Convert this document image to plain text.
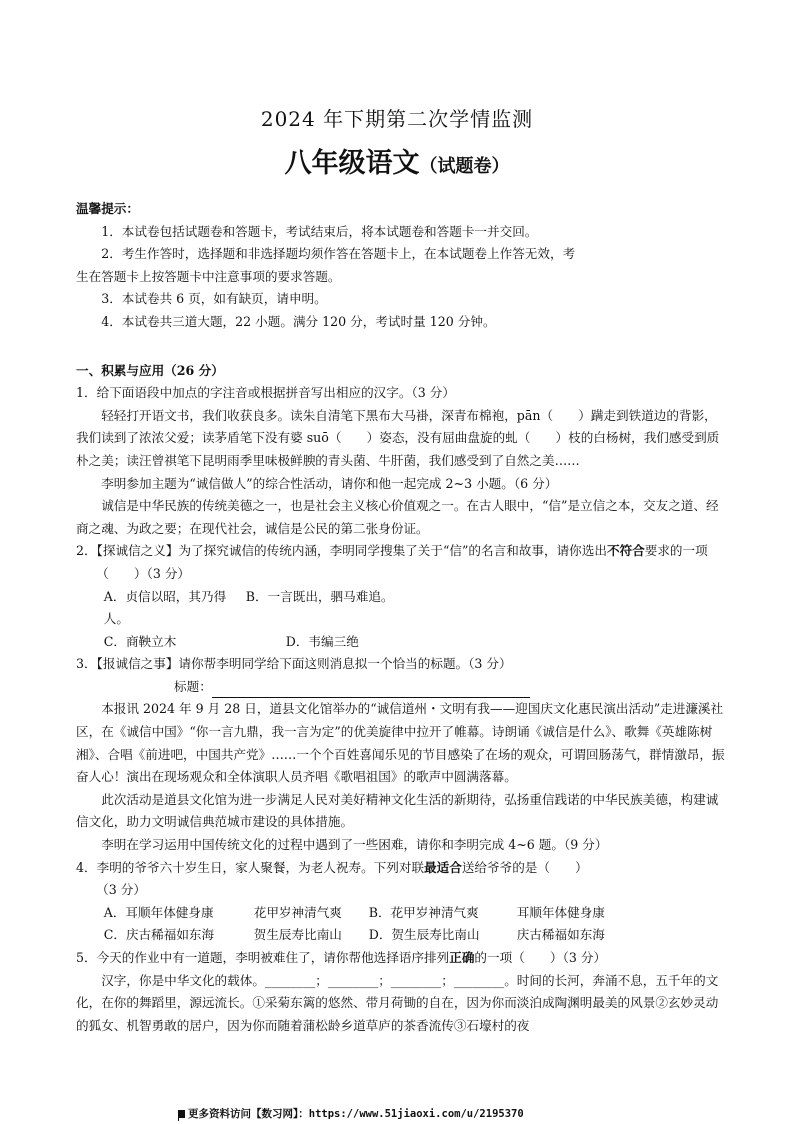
2024 年下期第二次学情监测
八年级语文（试题卷）

温馨提示：

1．本试卷包括试题卷和答题卡，考试结束后，将本试题卷和答题卡一并交回。

2．考生作答时，选择题和非选择题均须作答在答题卡上，在本试题卷上作答无效，考

生在答题卡上按答题卡中注意事项的要求答题。

3．本试卷共 6 页，如有缺页，请申明。

4．本试卷共三道大题，22 小题。满分 120 分，考试时量 120 分钟。

一、积累与应用（26 分）

1．给下面语段中加点的字注音或根据拼音写出相应的汉字。（3 分）

轻轻打开语文书，我们收获良多。读朱自清笔下黑布大马褂，深青布棉袍，pān（　　）蹒走到铁道边的背影，我们读到了浓浓父爱；读茅盾笔下没有婆 suō（　　）姿态，没有屈曲盘旋的虬（　　）枝的白杨树，我们感受到质朴之美；读汪曾祺笔下昆明雨季里味极鲜腴的青头菌、牛肝菌，我们感受到了自然之美……

李明参加主题为“诚信做人”的综合性活动，请你和他一起完成 2~3 小题。（6 分）

诚信是中华民族的传统美德之一，也是社会主义核心价值观之一。在古人眼中，“信”是立信之本，交友之道、经商之魂、为政之要；在现代社会，诚信是公民的第二张身份证。

2．【探诚信之义】为了探究诚信的传统内涵，李明同学搜集了关于“信”的名言和故事，请你选出不符合要求的一项（　　）（3 分）

A．贞信以昭，其乃得人。
B．一言既出，驷马难追。
C．商鞅立木	D．韦编三绝

3．【报诚信之事】请你帮李明同学给下面这则消息拟一个恰当的标题。（3 分）

标题：

本报讯 2024 年 9 月 28 日，道县文化馆举办的“诚信道州・文明有我——迎国庆文化惠民演出活动”走进濂溪社区，在《诚信中国》“你一言九鼎，我一言为定”的优美旋律中拉开了帷幕。诗朗诵《诚信是什么》、歌舞《英雄陈树湘》、合唱《前进吧，中国共产党》……一个个百姓喜闻乐见的节目感染了在场的观众，可谓回肠荡气，群情激昂，振奋人心！演出在现场观众和全体演职人员齐唱《歌唱祖国》的歌声中圆满落幕。

此次活动是道县文化馆为进一步满足人民对美好精神文化生活的新期待，弘扬重信践诺的中华民族美德，构建诚信文化，助力文明诚信典范城市建设的具体措施。

李明在学习运用中国传统文化的过程中遇到了一些困难，请你和李明完成 4~6 题。（9 分）

4．李明的爷爷六十岁生日，家人聚餐，为老人祝寿。下列对联最适合送给爷爷的是（　　）

（3 分）

A．耳顺年体健身康	花甲岁神清气爽	B．花甲岁神清气爽	耳顺年体健身康
C．庆古稀福如东海	贺生辰寿比南山	D．贺生辰寿比南山	庆古稀福如东海

5．今天的作业中有一道题，李明被难住了，请你帮他选择语序排列正确的一项（　　）（3 分）

汉字，你是中华文化的载体。________；________；________；________。时间的长河，奔涌不息，五千年的文化，在你的舞蹈里，源远流长。①采菊东篱的悠然、带月荷锄的自在，因为你而淡泊成陶渊明最美的风景②玄妙灵动的狐女、机智勇敢的居户，因为你而随着蒲松龄乡道草庐的茶香流传③石壕村的夜

更多资料访问【数习网】：https://www.51jiaoxi.com/u/2195370
